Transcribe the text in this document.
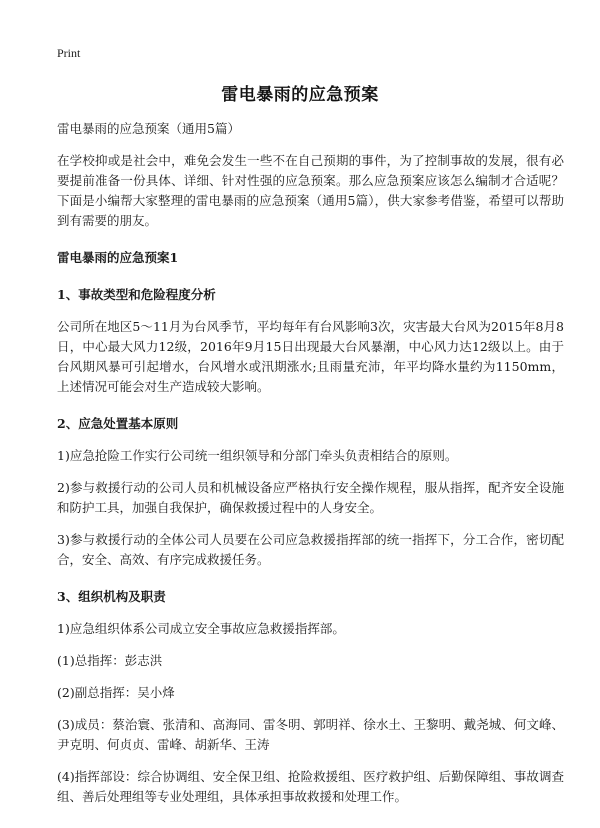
Print
雷电暴雨的应急预案

雷电暴雨的应急预案（通用5篇）

在学校抑或是社会中，难免会发生一些不在自己预期的事件，为了控制事故的发展，很有必要提前准备一份具体、详细、针对性强的应急预案。那么应急预案应该怎么编制才合适呢？下面是小编帮大家整理的雷电暴雨的应急预案（通用5篇），供大家参考借鉴，希望可以帮助到有需要的朋友。

雷电暴雨的应急预案1

1、事故类型和危险程度分析

公司所在地区5～11月为台风季节，平均每年有台风影响3次，灾害最大台风为2015年8月8日，中心最大风力12级，2016年9月15日出现最大台风暴潮，中心风力达12级以上。由于台风期风暴可引起增水，台风增水或汛期涨水;且雨量充沛，年平均降水量约为1150mm，上述情况可能会对生产造成较大影响。

2、应急处置基本原则

1)应急抢险工作实行公司统一组织领导和分部门牵头负责相结合的原则。

2)参与救援行动的公司人员和机械设备应严格执行安全操作规程，服从指挥，配齐安全设施和防护工具，加强自我保护，确保救援过程中的人身安全。

3)参与救援行动的全体公司人员要在公司应急救援指挥部的统一指挥下，分工合作，密切配合，安全、高效、有序完成救援任务。

3、组织机构及职责

1)应急组织体系公司成立安全事故应急救援指挥部。

(1)总指挥：彭志洪

(2)副总指挥：吴小烽

(3)成员：蔡治寰、张清和、高海同、雷冬明、郭明祥、徐水土、王黎明、戴尧城、何文峰、尹克明、何贞贞、雷峰、胡新华、王涛

(4)指挥部设：综合协调组、安全保卫组、抢险救援组、医疗救护组、后勤保障组、事故调查组、善后处理组等专业处理组，具体承担事故救援和处理工作。
